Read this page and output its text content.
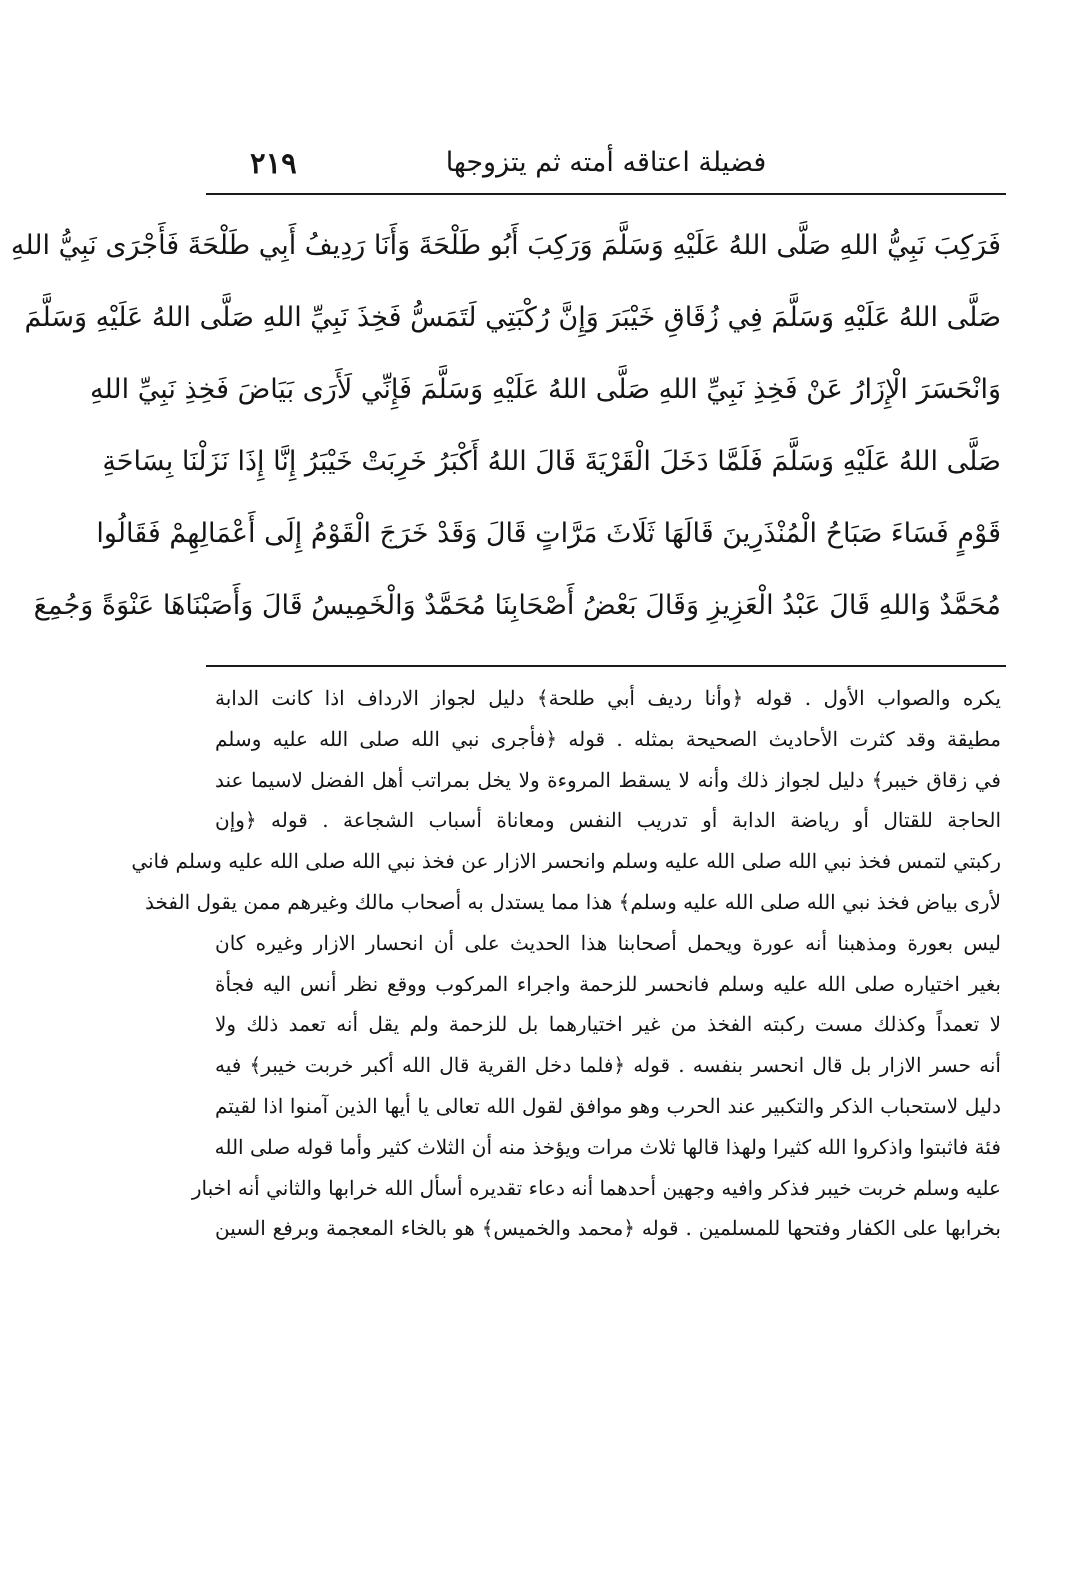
فضيلة اعتاقه أمته ثم يتزوجها
٢١٩
فَرَكِبَ نَبِيُّ اللهِ صَلَّى اللهُ عَلَيْهِ وَسَلَّمَ وَرَكِبَ أَبُو طَلْحَةَ وَأَنَا رَدِيفُ أَبِي طَلْحَةَ فَأَجْرَى نَبِيُّ اللهِ
صَلَّى اللهُ عَلَيْهِ وَسَلَّمَ فِي زُقَاقِ خَيْبَرَ وَإِنَّ رُكْبَتِي لَتَمَسُّ فَخِذَ نَبِيِّ اللهِ صَلَّى اللهُ عَلَيْهِ وَسَلَّمَ
وَانْحَسَرَ الْإِزَارُ عَنْ فَخِذِ نَبِيِّ اللهِ صَلَّى اللهُ عَلَيْهِ وَسَلَّمَ فَإِنِّي لَأَرَى بَيَاضَ فَخِذِ نَبِيِّ اللهِ
صَلَّى اللهُ عَلَيْهِ وَسَلَّمَ فَلَمَّا دَخَلَ الْقَرْيَةَ قَالَ اللهُ أَكْبَرُ خَرِبَتْ خَيْبَرُ إِنَّا إِذَا نَزَلْنَا بِسَاحَةِ
قَوْمٍ فَسَاءَ صَبَاحُ الْمُنْذَرِينَ قَالَهَا ثَلَاثَ مَرَّاتٍ قَالَ وَقَدْ خَرَجَ الْقَوْمُ إِلَى أَعْمَالِهِمْ فَقَالُوا
مُحَمَّدٌ وَاللهِ قَالَ عَبْدُ الْعَزِيزِ وَقَالَ بَعْضُ أَصْحَابِنَا مُحَمَّدٌ وَالْخَمِيسُ قَالَ وَأَصَبْنَاهَا عَنْوَةً وَجُمِعَ
يكره والصواب الأول . قوله ﴿وأنا رديف أبي طلحة﴾ دليل لجواز الارداف اذا كانت الدابة
مطيقة وقد كثرت الأحاديث الصحيحة بمثله . قوله ﴿فأجرى نبي الله صلى الله عليه وسلم
في زقاق خيبر﴾ دليل لجواز ذلك وأنه لا يسقط المروءة ولا يخل بمراتب أهل الفضل لاسيما عند
الحاجة للقتال أو رياضة الدابة أو تدريب النفس ومعاناة أسباب الشجاعة . قوله ﴿وإن
ركبتي لتمس فخذ نبي الله صلى الله عليه وسلم وانحسر الازار عن فخذ نبي الله صلى الله عليه وسلم فاني
لأرى بياض فخذ نبي الله صلى الله عليه وسلم﴾ هذا مما يستدل به أصحاب مالك وغيرهم ممن يقول الفخذ
ليس بعورة ومذهبنا أنه عورة ويحمل أصحابنا هذا الحديث على أن انحسار الازار وغيره كان
بغير اختياره صلى الله عليه وسلم فانحسر للزحمة واجراء المركوب ووقع نظر أنس اليه فجأة
لا تعمداً وكذلك مست ركبته الفخذ من غير اختيارهما بل للزحمة ولم يقل أنه تعمد ذلك ولا
أنه حسر الازار بل قال انحسر بنفسه . قوله ﴿فلما دخل القرية قال الله أكبر خربت خيبر﴾ فيه
دليل لاستحباب الذكر والتكبير عند الحرب وهو موافق لقول الله تعالى يا أيها الذين آمنوا اذا لقيتم
فئة فاثبتوا واذكروا الله كثيرا ولهذا قالها ثلاث مرات ويؤخذ منه أن الثلاث كثير وأما قوله صلى الله
عليه وسلم خربت خيبر فذكر وافيه وجهين أحدهما أنه دعاء تقديره أسأل الله خرابها والثاني أنه اخبار
بخرابها على الكفار وفتحها للمسلمين . قوله ﴿محمد والخميس﴾ هو بالخاء المعجمة وبرفع السين
